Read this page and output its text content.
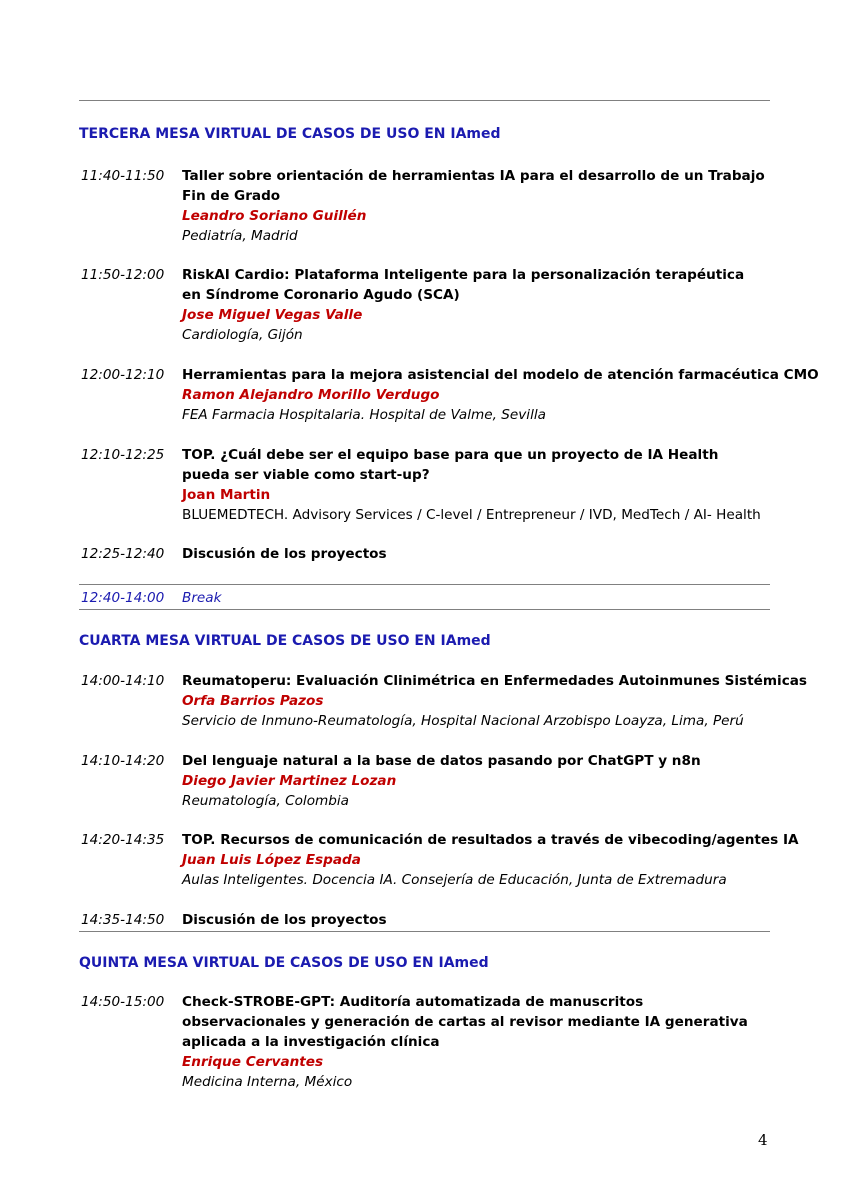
TERCERA MESA VIRTUAL DE CASOS DE USO EN IAmed
11:40-11:50 Taller sobre orientación de herramientas IA para el desarrollo de un Trabajo Fin de Grado
Leandro Soriano Guillén
Pediatría, Madrid
11:50-12:00 RiskAI Cardio: Plataforma Inteligente para la personalización terapéutica en Síndrome Coronario Agudo (SCA)
Jose Miguel Vegas Valle
Cardiología, Gijón
12:00-12:10 Herramientas para la mejora asistencial del modelo de atención farmacéutica CMO
Ramon Alejandro Morillo Verdugo
FEA Farmacia Hospitalaria. Hospital de Valme, Sevilla
12:10-12:25 TOP. ¿Cuál debe ser el equipo base para que un proyecto de IA Health pueda ser viable como start-up?
Joan Martin
BLUEMEDTECH. Advisory Services / C-level / Entrepreneur / IVD, MedTech / AI- Health
12:25-12:40 Discusión de los proyectos
12:40-14:00 Break
CUARTA MESA VIRTUAL DE CASOS DE USO EN IAmed
14:00-14:10 Reumatoperu: Evaluación Clinimétrica en Enfermedades Autoinmunes Sistémicas
Orfa Barrios Pazos
Servicio de Inmuno-Reumatología, Hospital Nacional Arzobispo Loayza, Lima, Perú
14:10-14:20 Del lenguaje natural a la base de datos pasando por ChatGPT y n8n
Diego Javier Martinez Lozan
Reumatología, Colombia
14:20-14:35 TOP. Recursos de comunicación de resultados a través de vibecoding/agentes IA
Juan Luis López Espada
Aulas Inteligentes. Docencia IA. Consejería de Educación, Junta de Extremadura
14:35-14:50 Discusión de los proyectos
QUINTA MESA VIRTUAL DE CASOS DE USO EN IAmed
14:50-15:00 Check-STROBE-GPT: Auditoría automatizada de manuscritos observacionales y generación de cartas al revisor mediante IA generativa aplicada a la investigación clínica
Enrique Cervantes
Medicina Interna, México
4
